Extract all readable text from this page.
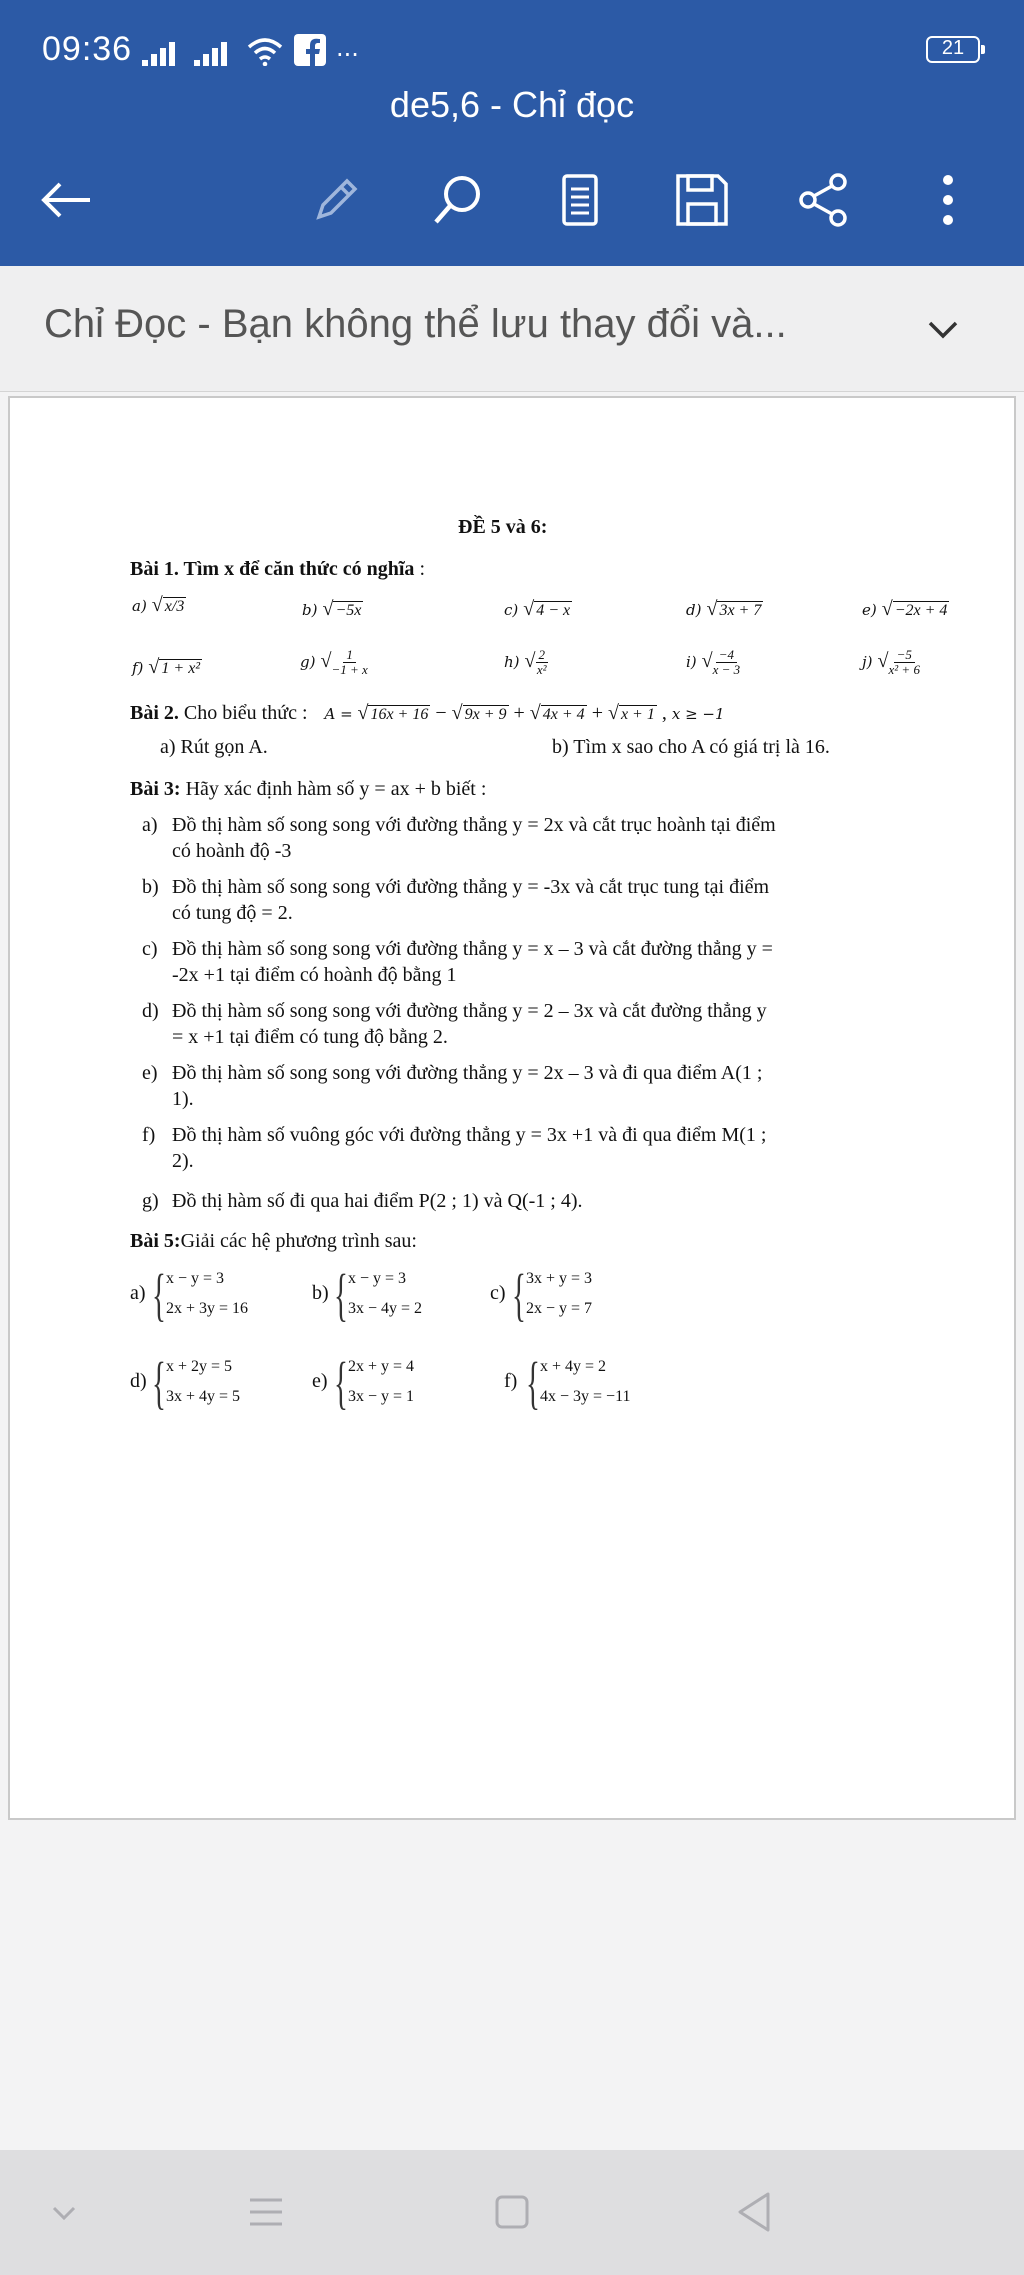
09:36	···	21
de5,6 - Chỉ đọc
Chỉ Đọc - Bạn không thể lưu thay đổi và...
ĐỀ 5 và 6:
Bài 1. Tìm x để căn thức có nghĩa :
a) √ x/3	b) √ −5x	c) √ 4 − x	d) √ 3x + 7	e) √ −2x + 4
f) √ 1 + x²	g) √ $\frac{1}{-1 + x}$	h) √ $\frac{2}{\text{x²}}$	i) √ $\frac{-4}{x - 3}$	j) √ $\frac{-5}{\text{x² + 6}}$
Bài 2. Cho biểu thức : A = √ 16x + 16 − √ 9x + 9 + √ 4x + 4 + √ x + 1 , x ≥ −1
a) Rút gọn A.	b) Tìm x sao cho A có giá trị là 16.
Bài 3: Hãy xác định hàm số y = ax + b biết :
a) Đồ thị hàm số song song với đường thẳng y = 2x và cắt trục hoành tại điểm
có hoành độ -3
b) Đồ thị hàm số song song với đường thẳng y = -3x và cắt trục tung tại điểm
có tung độ = 2.
c) Đồ thị hàm số song song với đường thẳng y = x – 3 và cắt đường thẳng y =
-2x +1 tại điểm có hoành độ bằng 1
d) Đồ thị hàm số song song với đường thẳng y = 2 – 3x và cắt đường thẳng y
= x +1 tại điểm có tung độ bằng 2.
e) Đồ thị hàm số song song với đường thẳng y = 2x – 3 và đi qua điểm A(1 ;
1).
f) Đồ thị hàm số vuông góc với đường thẳng y = 3x +1 và đi qua điểm M(1 ;
2).
g) Đồ thị hàm số đi qua hai điểm P(2 ; 1) và Q(-1 ; 4).
Bài 5:Giải các hệ phương trình sau:
a) { x − y = 3
2x + 3y = 16
b) { x − y = 3
3x − 4y = 2
c) { 3x + y = 3
2x − y = 7
d) { x + 2y = 5
3x + 4y = 5
e) { 2x + y = 4
3x − y = 1
f) { x + 4y = 2
4x − 3y = −11
